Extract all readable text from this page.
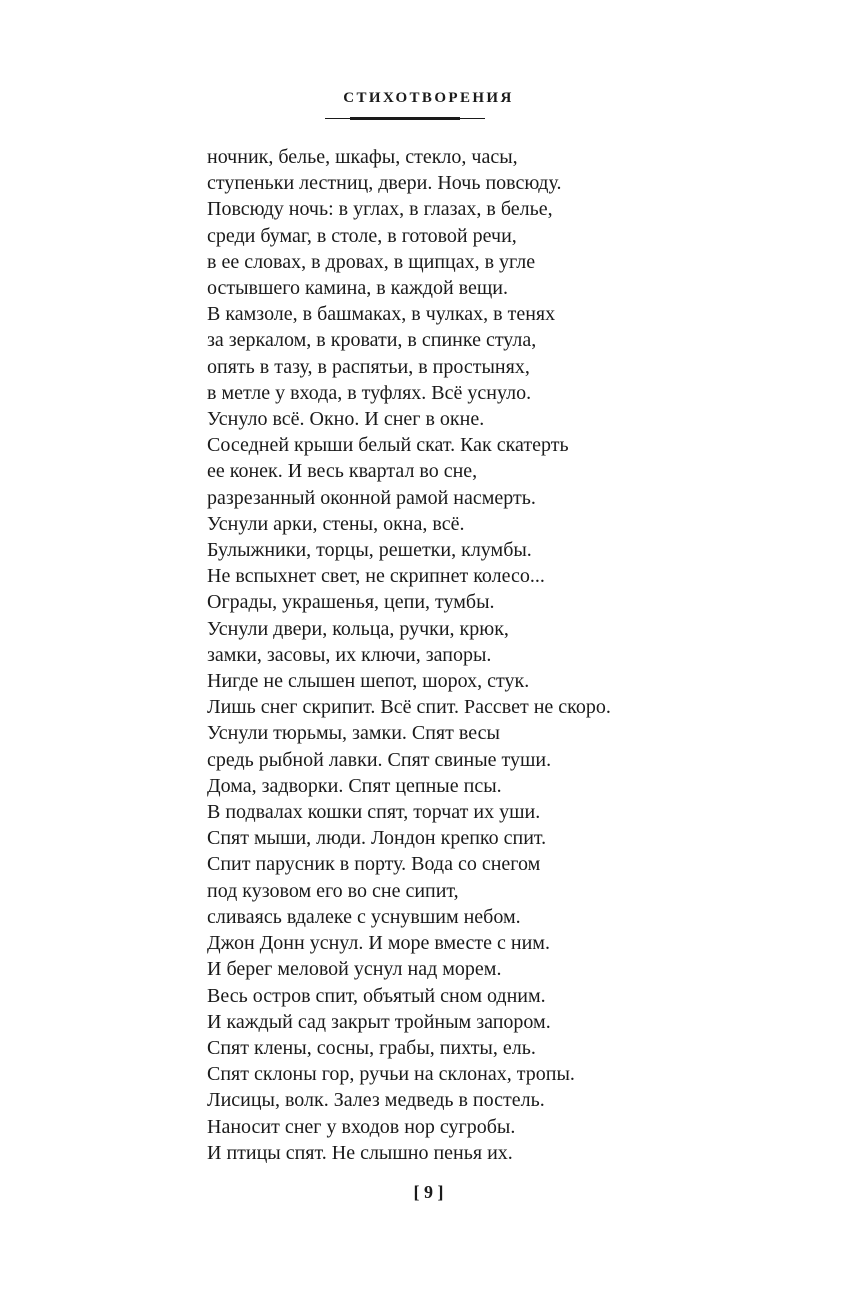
СТИХОТВОРЕНИЯ
ночник, белье, шкафы, стекло, часы,
ступеньки лестниц, двери. Ночь повсюду.
Повсюду ночь: в углах, в глазах, в белье,
среди бумаг, в столе, в готовой речи,
в ее словах, в дровах, в щипцах, в угле
остывшего камина, в каждой вещи.
В камзоле, в башмаках, в чулках, в тенях
за зеркалом, в кровати, в спинке стула,
опять в тазу, в распятьи, в простынях,
в метле у входа, в туфлях. Всё уснуло.
Уснуло всё. Окно. И снег в окне.
Соседней крыши белый скат. Как скатерть
ее конек. И весь квартал во сне,
разрезанный оконной рамой насмерть.
Уснули арки, стены, окна, всё.
Булыжники, торцы, решетки, клумбы.
Не вспыхнет свет, не скрипнет колесо...
Ограды, украшенья, цепи, тумбы.
Уснули двери, кольца, ручки, крюк,
замки, засовы, их ключи, запоры.
Нигде не слышен шепот, шорох, стук.
Лишь снег скрипит. Всё спит. Рассвет не скоро.
Уснули тюрьмы, замки. Спят весы
средь рыбной лавки. Спят свиные туши.
Дома, задворки. Спят цепные псы.
В подвалах кошки спят, торчат их уши.
Спят мыши, люди. Лондон крепко спит.
Спит парусник в порту. Вода со снегом
под кузовом его во сне сипит,
сливаясь вдалеке с уснувшим небом.
Джон Донн уснул. И море вместе с ним.
И берег меловой уснул над морем.
Весь остров спит, объятый сном одним.
И каждый сад закрыт тройным запором.
Спят клены, сосны, грабы, пихты, ель.
Спят склоны гор, ручьи на склонах, тропы.
Лисицы, волк. Залез медведь в постель.
Наносит снег у входов нор сугробы.
И птицы спят. Не слышно пенья их.
[ 9 ]
